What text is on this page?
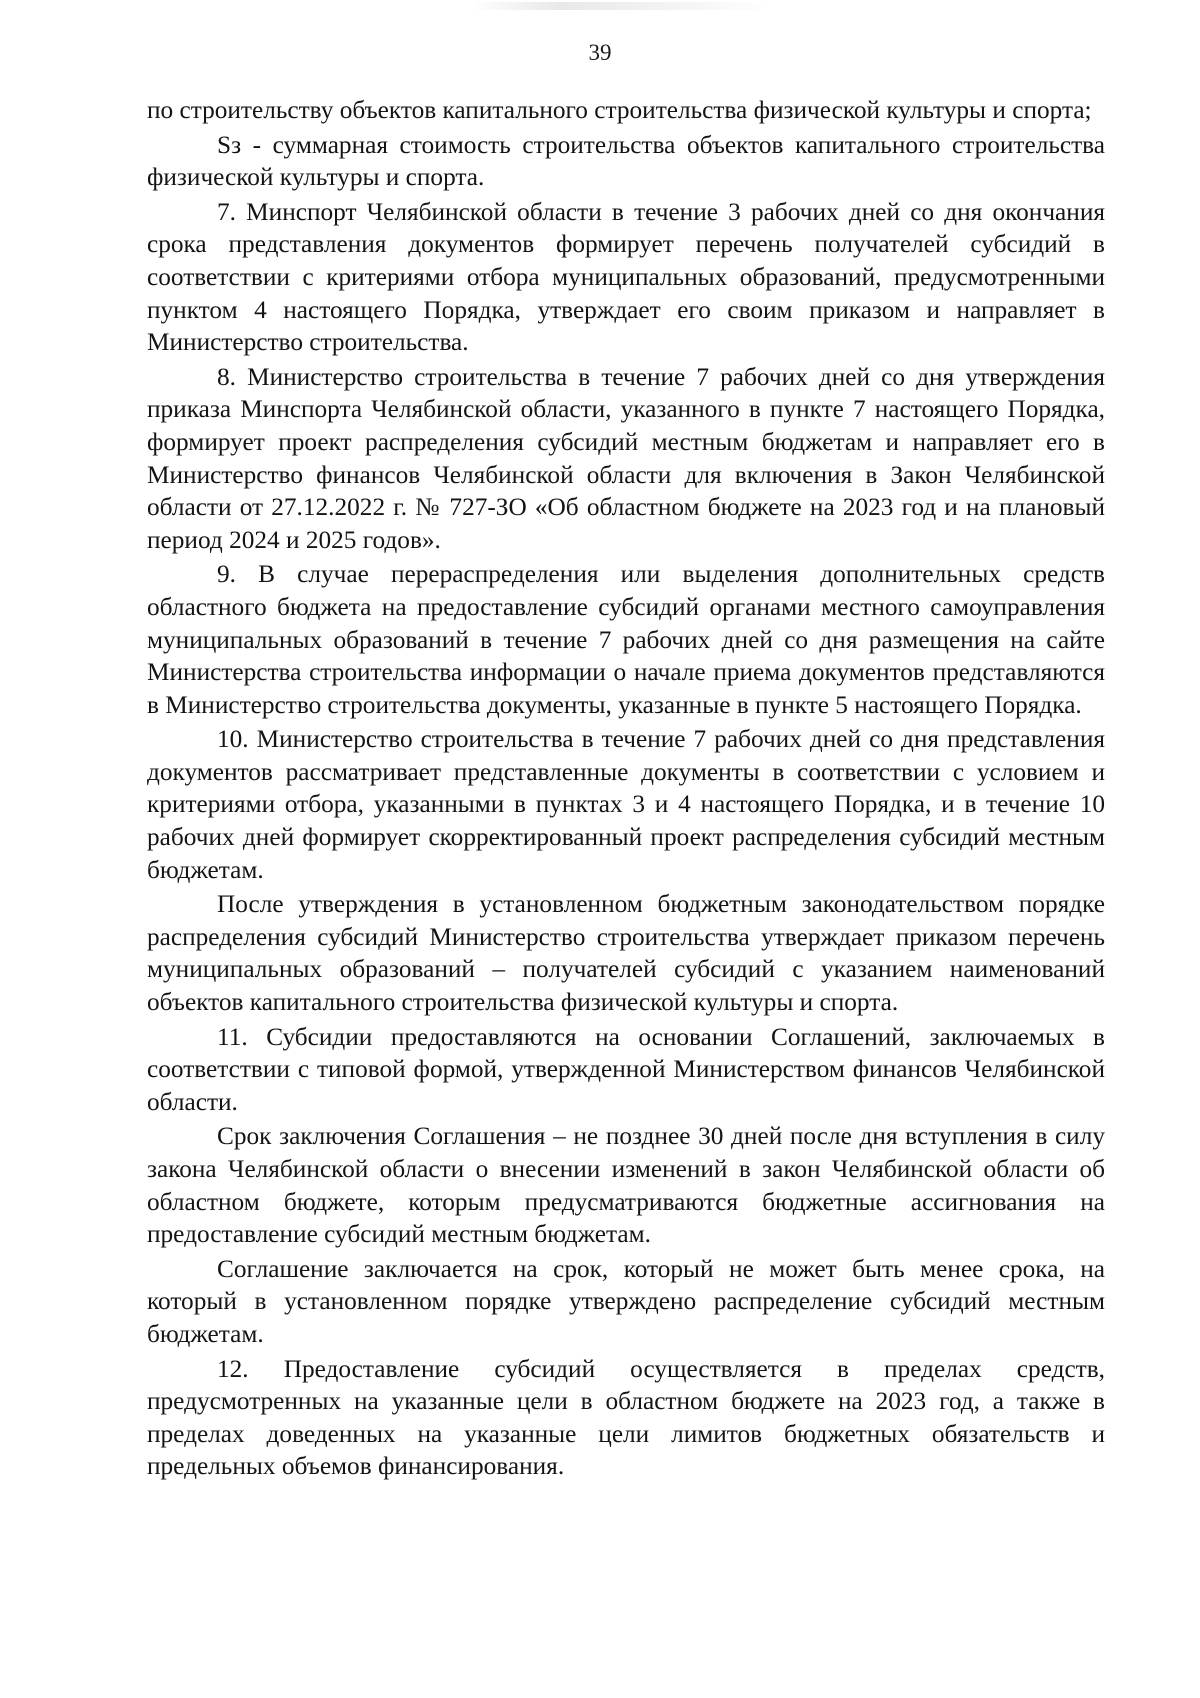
39

по строительству объектов капитального строительства физической культуры и спорта;

Sз - суммарная стоимость строительства объектов капитального строительства физической культуры и спорта.

7. Минспорт Челябинской области в течение 3 рабочих дней со дня окончания срока представления документов формирует перечень получателей субсидий в соответствии с критериями отбора муниципальных образований, предусмотренными пунктом 4 настоящего Порядка, утверждает его своим приказом и направляет в Министерство строительства.

8. Министерство строительства в течение 7 рабочих дней со дня утверждения приказа Минспорта Челябинской области, указанного в пункте 7 настоящего Порядка, формирует проект распределения субсидий местным бюджетам и направляет его в Министерство финансов Челябинской области для включения в Закон Челябинской области от 27.12.2022 г. № 727-ЗО «Об областном бюджете на 2023 год и на плановый период 2024 и 2025 годов».

9. В случае перераспределения или выделения дополнительных средств областного бюджета на предоставление субсидий органами местного самоуправления муниципальных образований в течение 7 рабочих дней со дня размещения на сайте Министерства строительства информации о начале приема документов представляются в Министерство строительства документы, указанные в пункте 5 настоящего Порядка.

10. Министерство строительства в течение 7 рабочих дней со дня представления документов рассматривает представленные документы в соответствии с условием и критериями отбора, указанными в пунктах 3 и 4 настоящего Порядка, и в течение 10 рабочих дней формирует скорректированный проект распределения субсидий местным бюджетам.

После утверждения в установленном бюджетным законодательством порядке распределения субсидий Министерство строительства утверждает приказом перечень муниципальных образований – получателей субсидий с указанием наименований объектов капитального строительства физической культуры и спорта.

11. Субсидии предоставляются на основании Соглашений, заключаемых в соответствии с типовой формой, утвержденной Министерством финансов Челябинской области.

Срок заключения Соглашения – не позднее 30 дней после дня вступления в силу закона Челябинской области о внесении изменений в закон Челябинской области об областном бюджете, которым предусматриваются бюджетные ассигнования на предоставление субсидий местным бюджетам.

Соглашение заключается на срок, который не может быть менее срока, на который в установленном порядке утверждено распределение субсидий местным бюджетам.

12. Предоставление субсидий осуществляется в пределах средств, предусмотренных на указанные цели в областном бюджете на 2023 год, а также в пределах доведенных на указанные цели лимитов бюджетных обязательств и предельных объемов финансирования.
